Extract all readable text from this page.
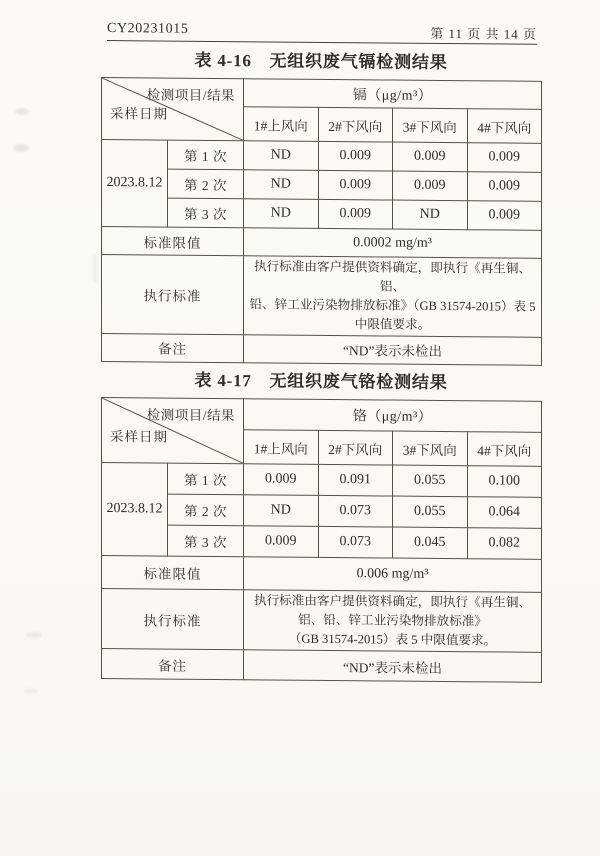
CY20231015	第 11 页 共 14 页
表 4-16　无组织废气镉检测结果
检测项目/结果
采样日期		镉（μg/m³）			
		1#上风向	2#下风向	3#下风向	4#下风向
2023.8.12	第 1 次	ND	0.009	0.009	0.009
	第 2 次	ND	0.009	0.009	0.009
	第 3 次	ND	0.009	ND	0.009
标准限值		0.0002 mg/m³			
执行标准		执行标准由客户提供资料确定，即执行《再生铜、铝、
铅、锌工业污染物排放标准》（GB 31574-2015）表 5
中限值要求。			

备注		“ND”表示未检出			
表 4-17　无组织废气铬检测结果
检测项目/结果
采样日期		铬（μg/m³）			
		1#上风向	2#下风向	3#下风向	4#下风向
2023.8.12	第 1 次	0.009	0.091	0.055	0.100
	第 2 次	ND	0.073	0.055	0.064
	第 3 次	0.009	0.073	0.045	0.082
标准限值		0.006 mg/m³			
执行标准		执行标准由客户提供资料确定，即执行《再生铜、
铝、铅、锌工业污染物排放标准》
（GB 31574-2015）表 5 中限值要求。			

备注		“ND”表示未检出			
